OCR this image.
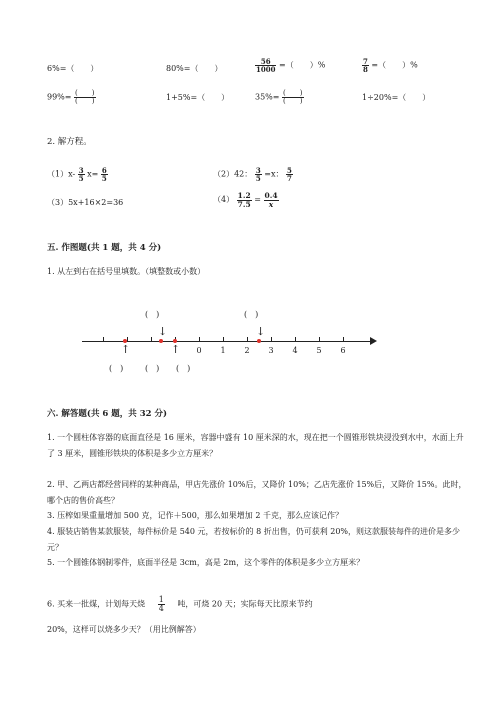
6%=（　　）	80%=（　　）	$\frac{56}{1000}$ =（　　）%	$\frac{7}{8}$ =（　　）%
$99\%= \frac{( )}{( )}$	1+5%=（　　）	$35\%= \frac{( )}{( )}$	1÷20%=（　　）
2. 解方程。
$(1)x- \frac{3}{5} x= \frac{6}{5}$	（2）42： $\frac{3}{5} =x$： $\frac{5}{7}$
（3）5x+16×2=36	$(4) \frac{1.2}{7.5} = \frac{0.4}{x}$
五. 作图题(共 1 题，共 4 分)
1. 从左到右在括号里填数。（填整数或小数）
(　)	(　)
↓	↓
0	1	2	3	4	5	6
↑	↑
(　)	(　) (　)
六. 解答题(共 6 题，共 32 分)
1. 一个圆柱体容器的底面直径是 16 厘米，容器中盛有 10 厘米深的水，现在把一个圆锥形铁块浸没到水中，水面上升了 3 厘米，圆锥形铁块的体积是多少立方厘米？
2. 甲、乙两店都经营同样的某种商品，甲店先涨价 10%后，又降价 10%；乙店先涨价 15%后，又降价 15%。此时，哪个店的售价高些？
3. 压榨如果重量增加 500 克，记作＋500，那么如果增加 2 千克，那么应该记作？
4. 服装店销售某款服装，每件标价是 540 元，若按标价的 8 折出售，仍可获利 20%，则这款服装每件的进价是多少元？
5. 一个圆锥体钢制零件，底面半径是 3cm，高是 2m，这个零件的体积是多少立方厘米？
6. 买来一批煤，计划每天烧 $\frac{1}{4}$ 吨，可烧 20 天；实际每天比原来节约
20%，这样可以烧多少天？（用比例解答）
